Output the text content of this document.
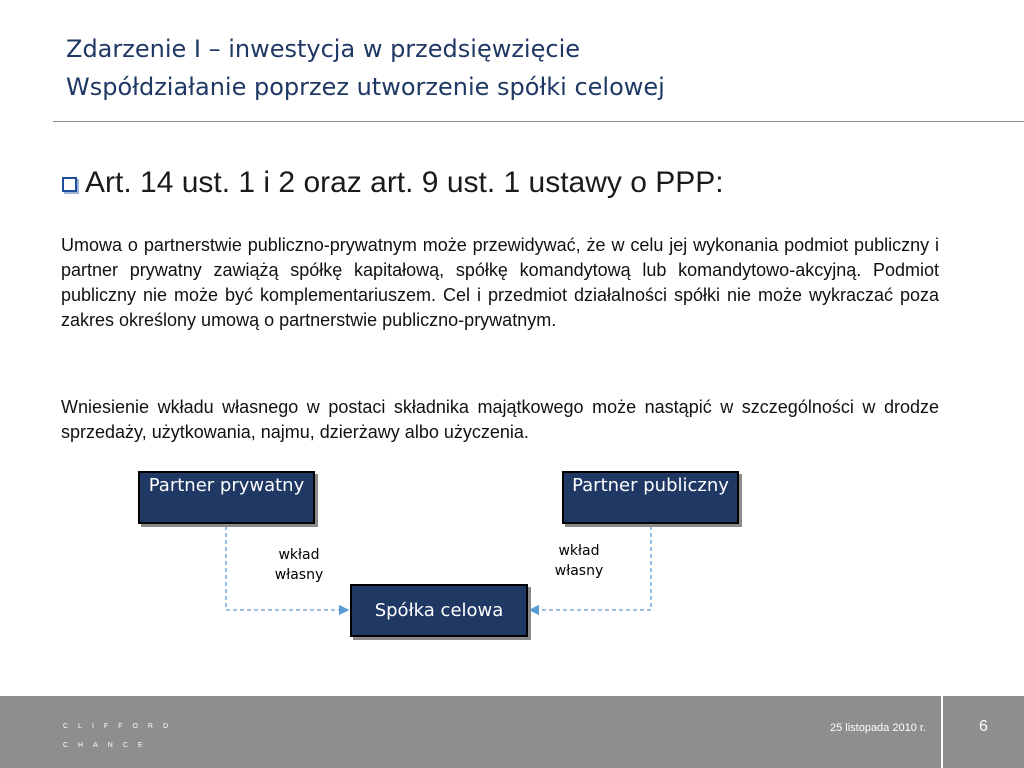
Zdarzenie I – inwestycja w przedsięwzięcie
Współdziałanie poprzez utworzenie spółki celowej
Art. 14 ust. 1 i 2 oraz art. 9 ust. 1 ustawy o PPP:
Umowa o partnerstwie publiczno-prywatnym może przewidywać, że w celu jej wykonania podmiot publiczny i partner prywatny zawiążą spółkę kapitałową, spółkę komandytową lub komandytowo-akcyjną. Podmiot publiczny nie może być komplementariuszem. Cel i przedmiot działalności spółki nie może wykraczać poza zakres określony umową o partnerstwie publiczno-prywatnym.
Wniesienie wkładu własnego w postaci składnika majątkowego może nastąpić w szczególności w drodze sprzedaży, użytkowania, najmu, dzierżawy albo użyczenia.
Partner prywatny	Partner publiczny
Spółka celowa
wkład własny
wkład własny
CLIFFORD
CHANCE
25 listopada 2010 r.	6
